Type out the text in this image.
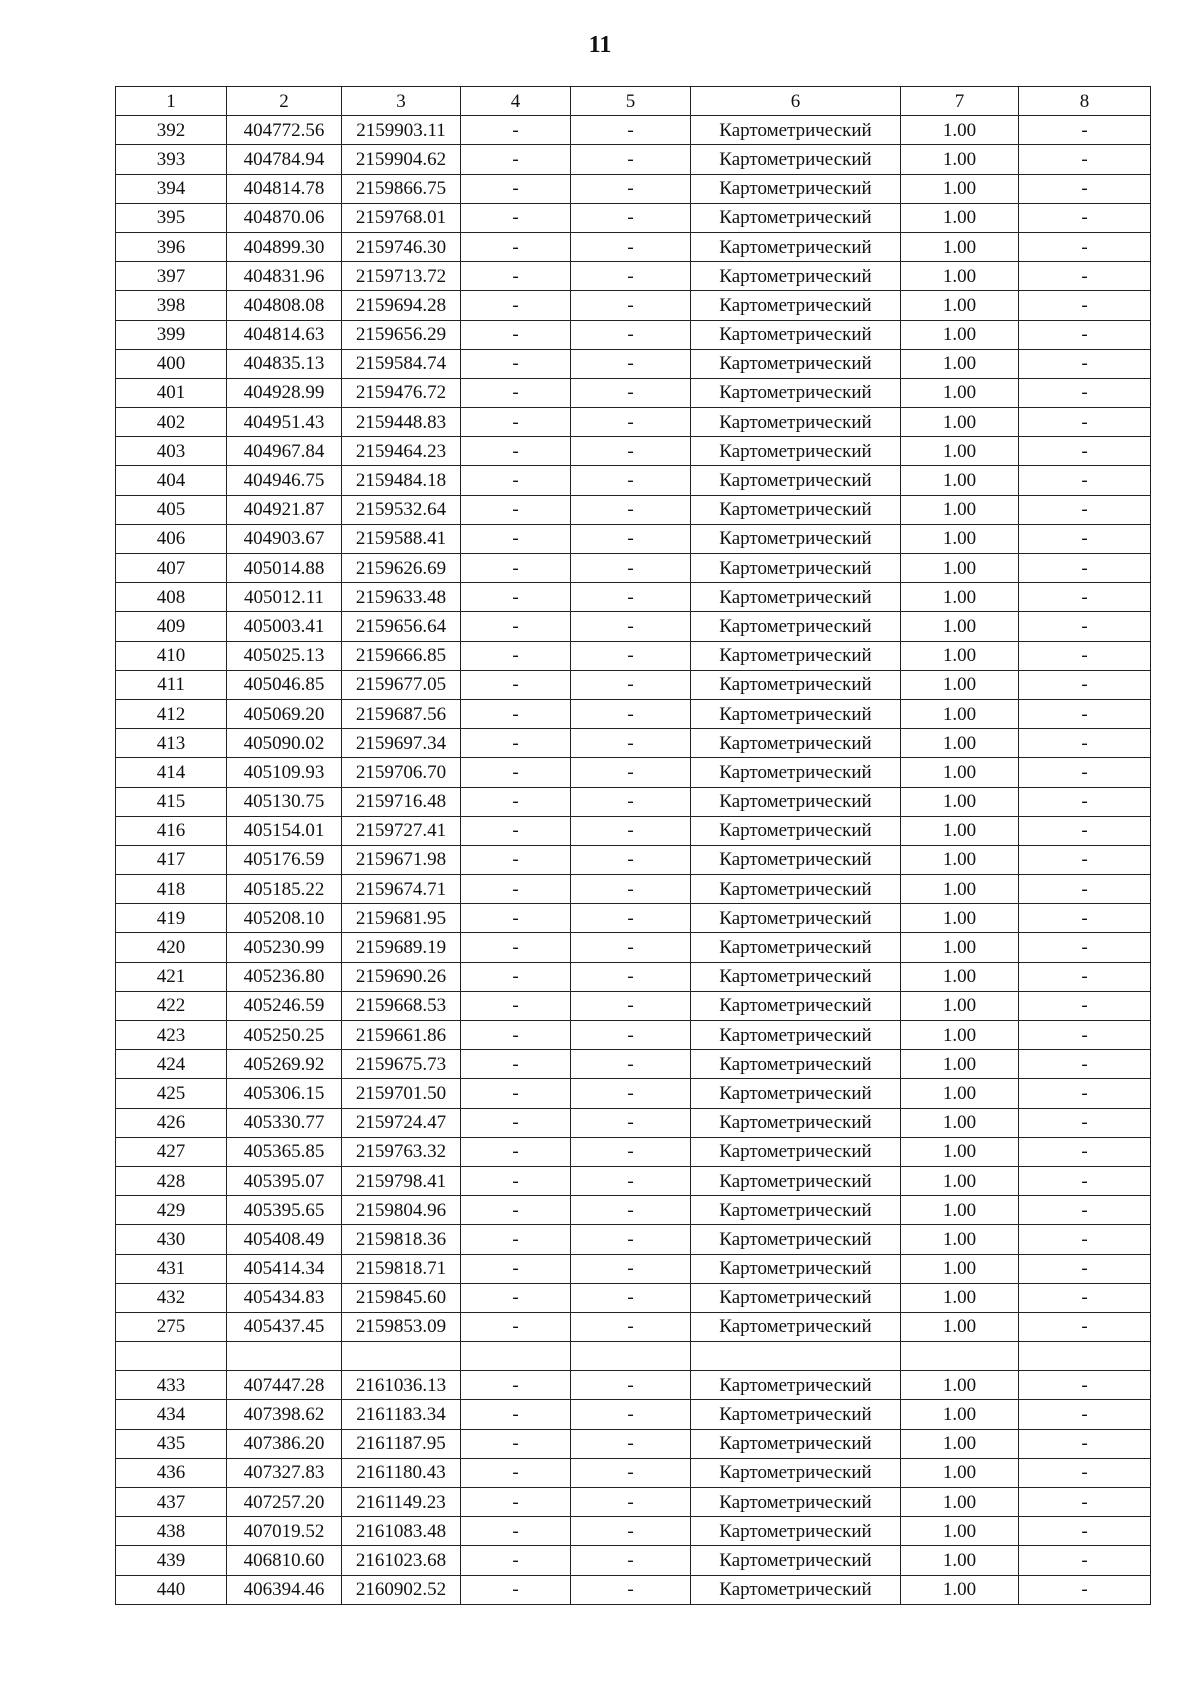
11
1	2	3	4	5	6	7	8
392	404772.56	2159903.11	-	-	Картометрический	1.00	-
393	404784.94	2159904.62	-	-	Картометрический	1.00	-
394	404814.78	2159866.75	-	-	Картометрический	1.00	-
395	404870.06	2159768.01	-	-	Картометрический	1.00	-
396	404899.30	2159746.30	-	-	Картометрический	1.00	-
397	404831.96	2159713.72	-	-	Картометрический	1.00	-
398	404808.08	2159694.28	-	-	Картометрический	1.00	-
399	404814.63	2159656.29	-	-	Картометрический	1.00	-
400	404835.13	2159584.74	-	-	Картометрический	1.00	-
401	404928.99	2159476.72	-	-	Картометрический	1.00	-
402	404951.43	2159448.83	-	-	Картометрический	1.00	-
403	404967.84	2159464.23	-	-	Картометрический	1.00	-
404	404946.75	2159484.18	-	-	Картометрический	1.00	-
405	404921.87	2159532.64	-	-	Картометрический	1.00	-
406	404903.67	2159588.41	-	-	Картометрический	1.00	-
407	405014.88	2159626.69	-	-	Картометрический	1.00	-
408	405012.11	2159633.48	-	-	Картометрический	1.00	-
409	405003.41	2159656.64	-	-	Картометрический	1.00	-
410	405025.13	2159666.85	-	-	Картометрический	1.00	-
411	405046.85	2159677.05	-	-	Картометрический	1.00	-
412	405069.20	2159687.56	-	-	Картометрический	1.00	-
413	405090.02	2159697.34	-	-	Картометрический	1.00	-
414	405109.93	2159706.70	-	-	Картометрический	1.00	-
415	405130.75	2159716.48	-	-	Картометрический	1.00	-
416	405154.01	2159727.41	-	-	Картометрический	1.00	-
417	405176.59	2159671.98	-	-	Картометрический	1.00	-
418	405185.22	2159674.71	-	-	Картометрический	1.00	-
419	405208.10	2159681.95	-	-	Картометрический	1.00	-
420	405230.99	2159689.19	-	-	Картометрический	1.00	-
421	405236.80	2159690.26	-	-	Картометрический	1.00	-
422	405246.59	2159668.53	-	-	Картометрический	1.00	-
423	405250.25	2159661.86	-	-	Картометрический	1.00	-
424	405269.92	2159675.73	-	-	Картометрический	1.00	-
425	405306.15	2159701.50	-	-	Картометрический	1.00	-
426	405330.77	2159724.47	-	-	Картометрический	1.00	-
427	405365.85	2159763.32	-	-	Картометрический	1.00	-
428	405395.07	2159798.41	-	-	Картометрический	1.00	-
429	405395.65	2159804.96	-	-	Картометрический	1.00	-
430	405408.49	2159818.36	-	-	Картометрический	1.00	-
431	405414.34	2159818.71	-	-	Картометрический	1.00	-
432	405434.83	2159845.60	-	-	Картометрический	1.00	-
275	405437.45	2159853.09	-	-	Картометрический	1.00	-

433	407447.28	2161036.13	-	-	Картометрический	1.00	-
434	407398.62	2161183.34	-	-	Картометрический	1.00	-
435	407386.20	2161187.95	-	-	Картометрический	1.00	-
436	407327.83	2161180.43	-	-	Картометрический	1.00	-
437	407257.20	2161149.23	-	-	Картометрический	1.00	-
438	407019.52	2161083.48	-	-	Картометрический	1.00	-
439	406810.60	2161023.68	-	-	Картометрический	1.00	-
440	406394.46	2160902.52	-	-	Картометрический	1.00	-
